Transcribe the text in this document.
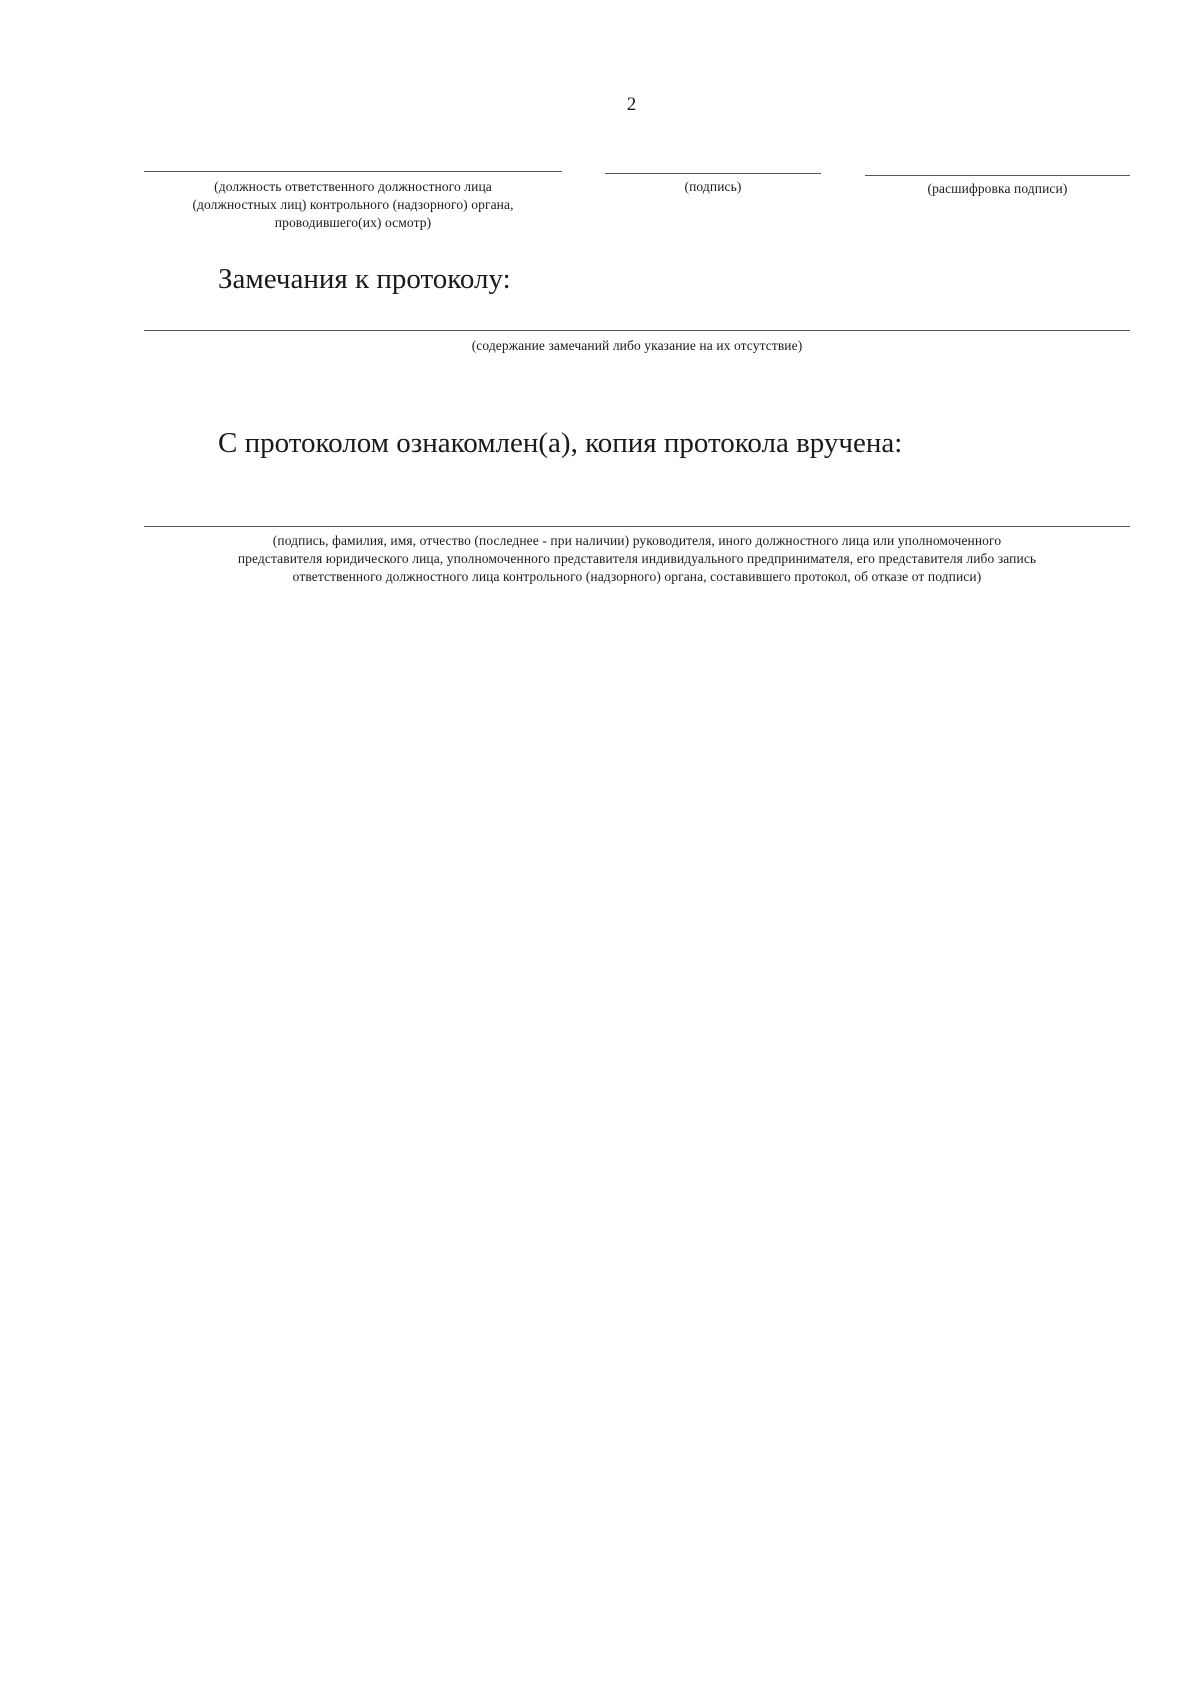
2
(должность ответственного должностного лица
(должностных лиц) контрольного (надзорного) органа,
проводившего(их) осмотр)
(подпись)	(расшифровка подписи)
Замечания к протоколу:
(содержание замечаний либо указание на их отсутствие)
С протоколом ознакомлен(а), копия протокола вручена:
(подпись, фамилия, имя, отчество (последнее - при наличии) руководителя, иного должностного лица или уполномоченного
представителя юридического лица, уполномоченного представителя индивидуального предпринимателя, его представителя либо запись
ответственного должностного лица контрольного (надзорного) органа, составившего протокол, об отказе от подписи)
